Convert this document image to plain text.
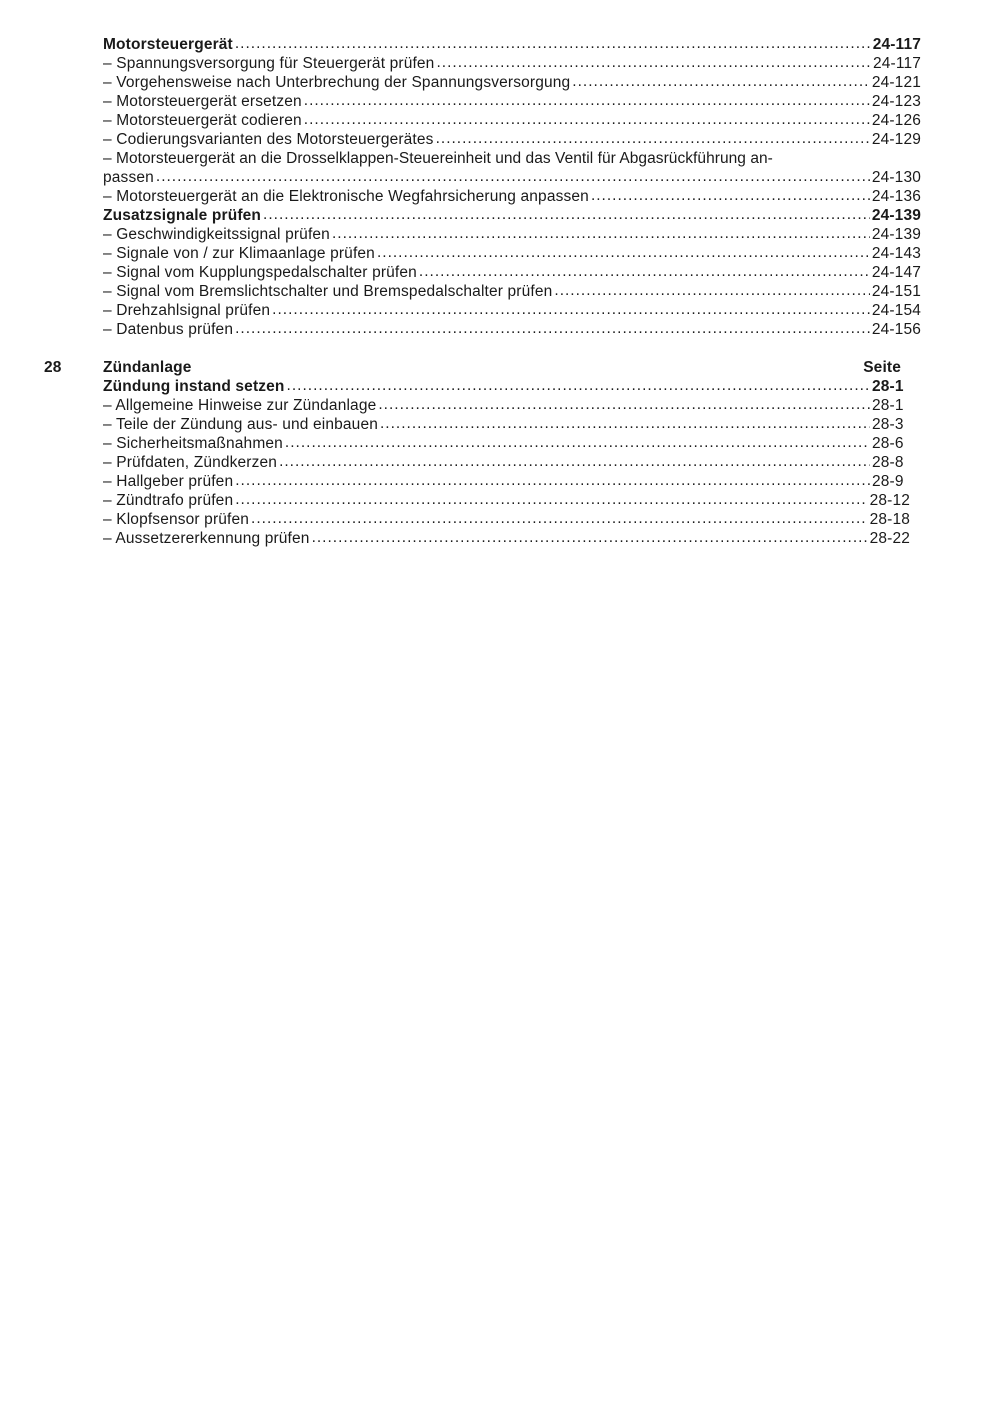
Motorsteuergerät .....	24-117
– Spannungsversorgung für Steuergerät prüfen .....	24-117
– Vorgehensweise nach Unterbrechung der Spannungsversorgung .....	24-121
– Motorsteuergerät ersetzen .....	24-123
– Motorsteuergerät codieren .....	24-126
– Codierungsvarianten des Motorsteuergerätes .....	24-129
– Motorsteuergerät an die Drosselklappen-Steuereinheit und das Ventil für Abgasrückführung an-
passen .....	24-130
– Motorsteuergerät an die Elektronische Wegfahrsicherung anpassen .....	24-136
Zusatzsignale prüfen .....	24-139
– Geschwindigkeitssignal prüfen .....	24-139
– Signale von / zur Klimaanlage prüfen .....	24-143
– Signal vom Kupplungspedalschalter prüfen .....	24-147
– Signal vom Bremslichtschalter und Bremspedalschalter prüfen .....	24-151
– Drehzahlsignal prüfen .....	24-154
– Datenbus prüfen .....	24-156
28	Zündanlage	Seite
Zündung instand setzen .....	28-1
– Allgemeine Hinweise zur Zündanlage .....	28-1
– Teile der Zündung aus- und einbauen .....	28-3
– Sicherheitsmaßnahmen .....	28-6
– Prüfdaten, Zündkerzen .....	28-8
– Hallgeber prüfen .....	28-9
– Zündtrafo prüfen .....	28-12
– Klopfsensor prüfen .....	28-18
– Aussetzererkennung prüfen .....	28-22
